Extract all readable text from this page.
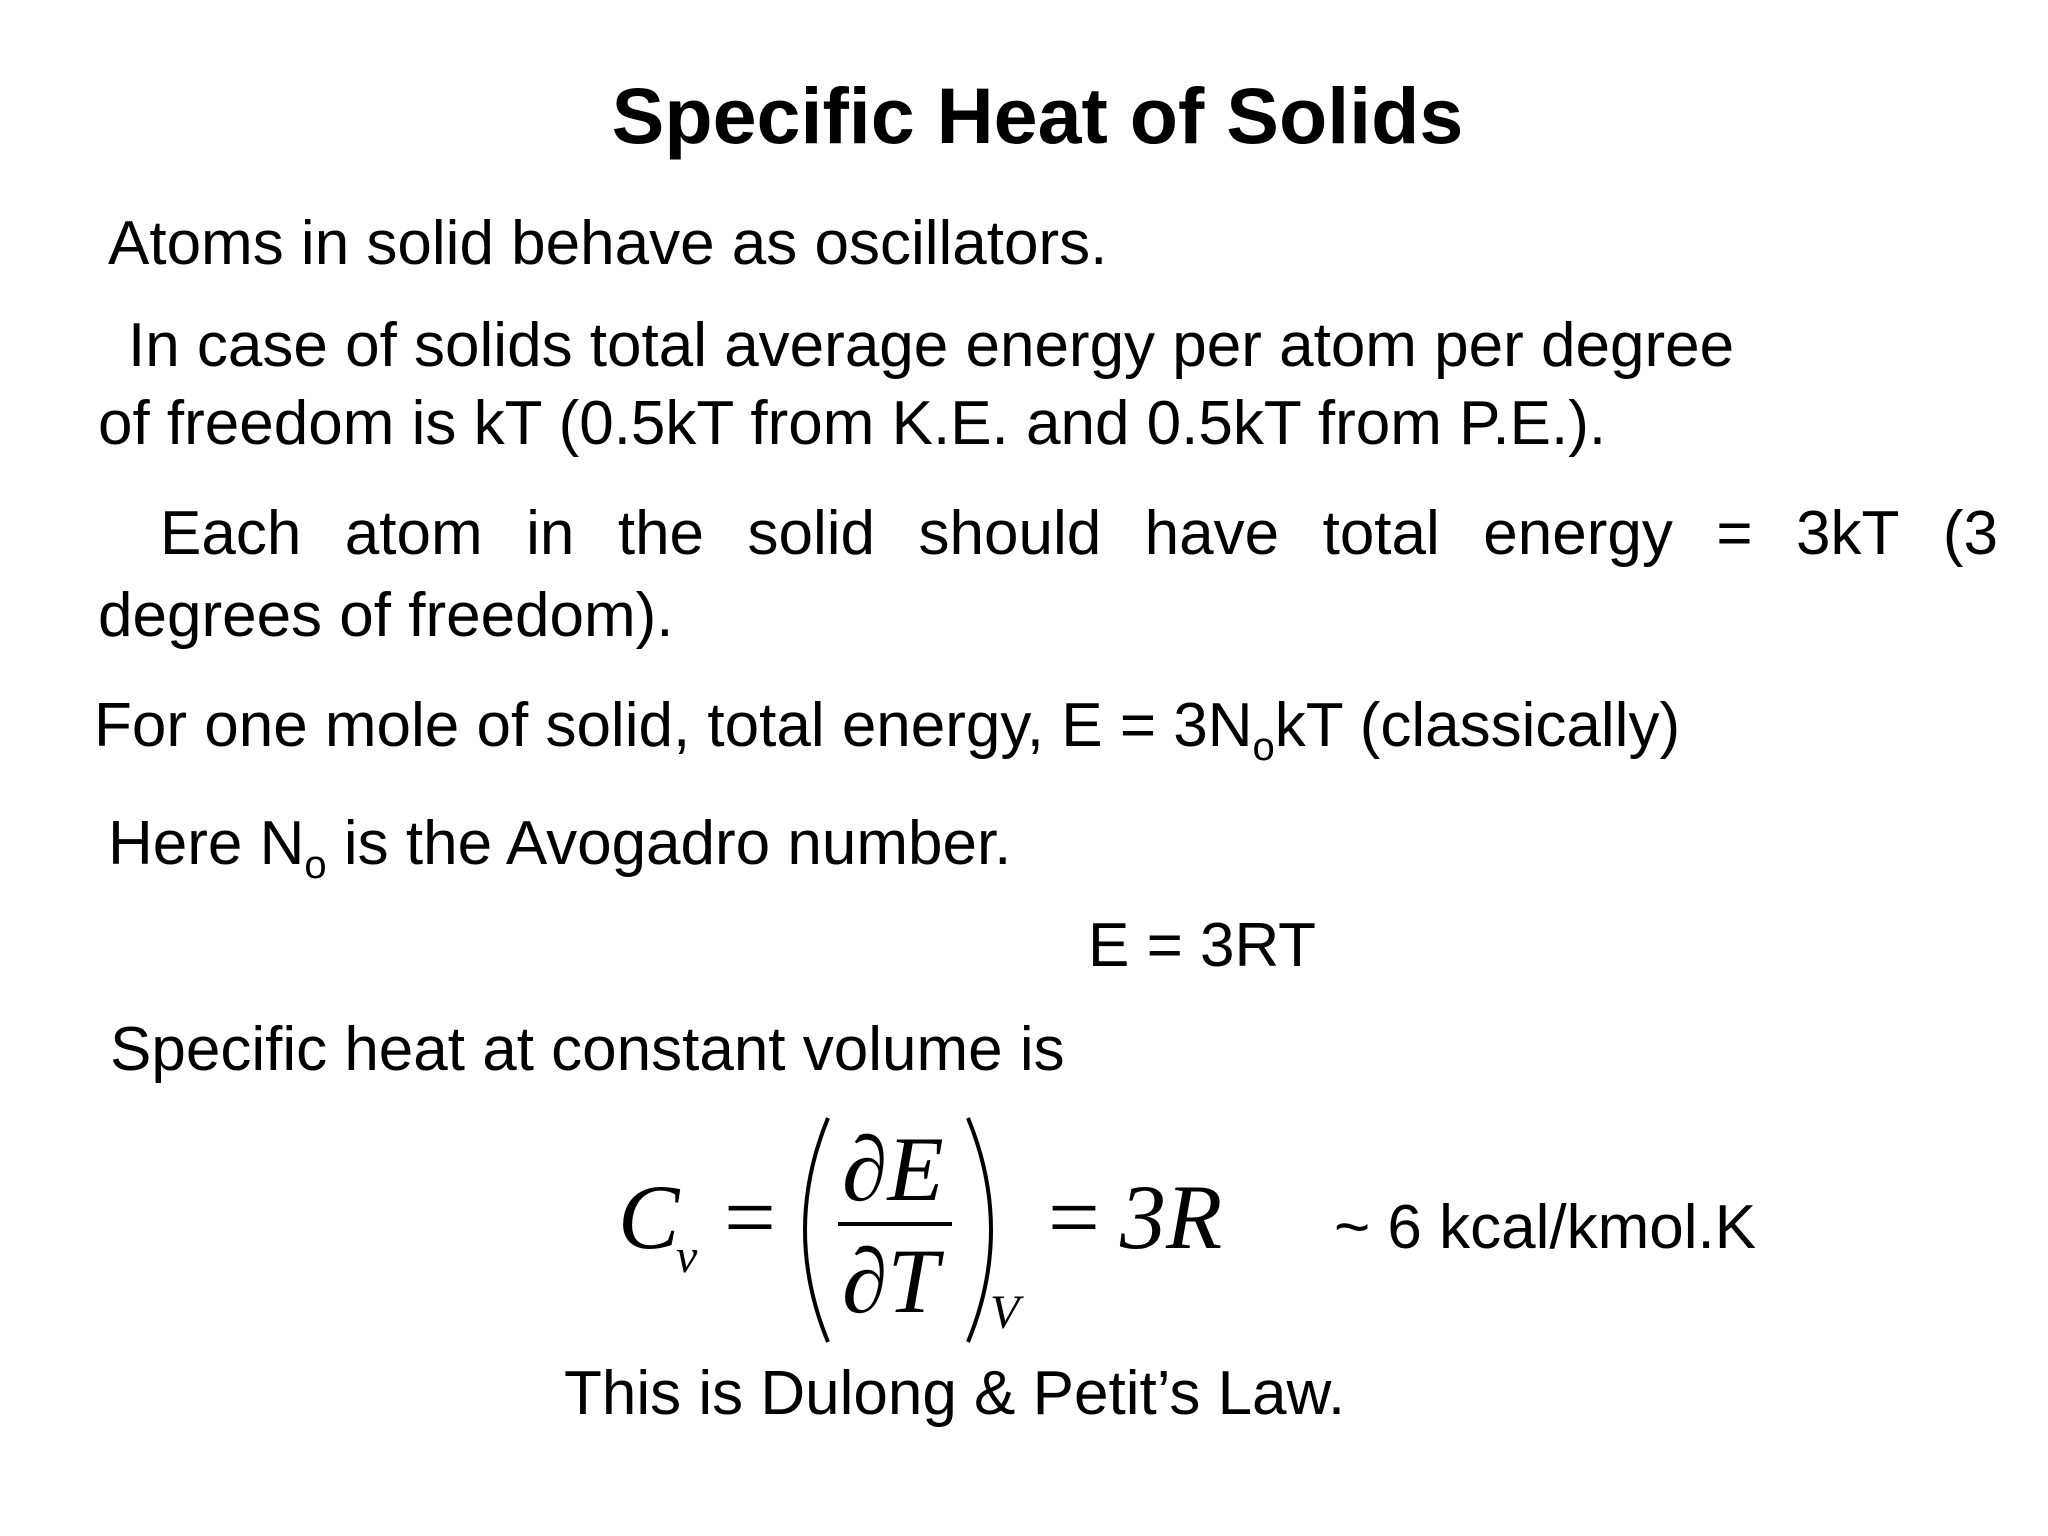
Specific Heat of Solids
Atoms in solid behave as oscillators.
In case of solids total average energy per atom per degree
of freedom is kT (0.5kT from K.E. and 0.5kT from P.E.).
Each atom in the solid should have total energy = 3kT (3
degrees of freedom).
For one mole of solid, total energy, $E = 3N_okT$ (classically)
Here $N_o$ is the Avogadro number.
E = 3RT
Specific heat at constant volume is
C
v = ∂E
∂T V
= 3R ~ 6 kcal/kmol.K
This is Dulong & Petit’s Law.
